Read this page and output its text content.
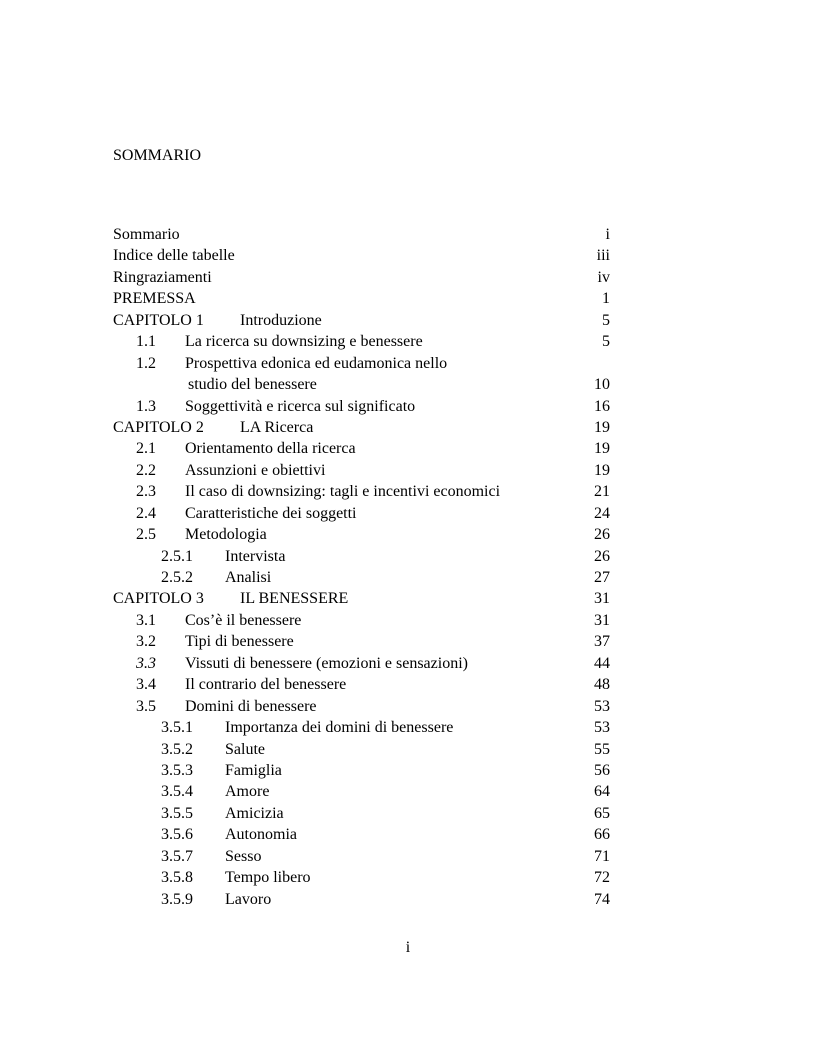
SOMMARIO
Sommario	i
Indice delle tabelle	iii
Ringraziamenti	iv
PREMESSA	1
CAPITOLO 1 Introduzione	5
1.1 La ricerca su downsizing e benessere	5
1.2 Prospettiva edonica ed eudamonica nello
studio del benessere	10
1.3 Soggettività e ricerca sul significato	16
CAPITOLO 2 LA Ricerca	19
2.1 Orientamento della ricerca	19
2.2 Assunzioni e obiettivi	19
2.3 Il caso di downsizing: tagli e incentivi economici	21
2.4 Caratteristiche dei soggetti	24
2.5 Metodologia	26
2.5.1 Intervista	26
2.5.2 Analisi	27
CAPITOLO 3 IL BENESSERE	31
3.1 Cos’è il benessere	31
3.2 Tipi di benessere	37
3.3 Vissuti di benessere (emozioni e sensazioni)	44
3.4 Il contrario del benessere	48
3.5 Domini di benessere	53
3.5.1 Importanza dei domini di benessere	53
3.5.2 Salute	55
3.5.3 Famiglia	56
3.5.4 Amore	64
3.5.5 Amicizia	65
3.5.6 Autonomia	66
3.5.7 Sesso	71
3.5.8 Tempo libero	72
3.5.9 Lavoro	74
i
